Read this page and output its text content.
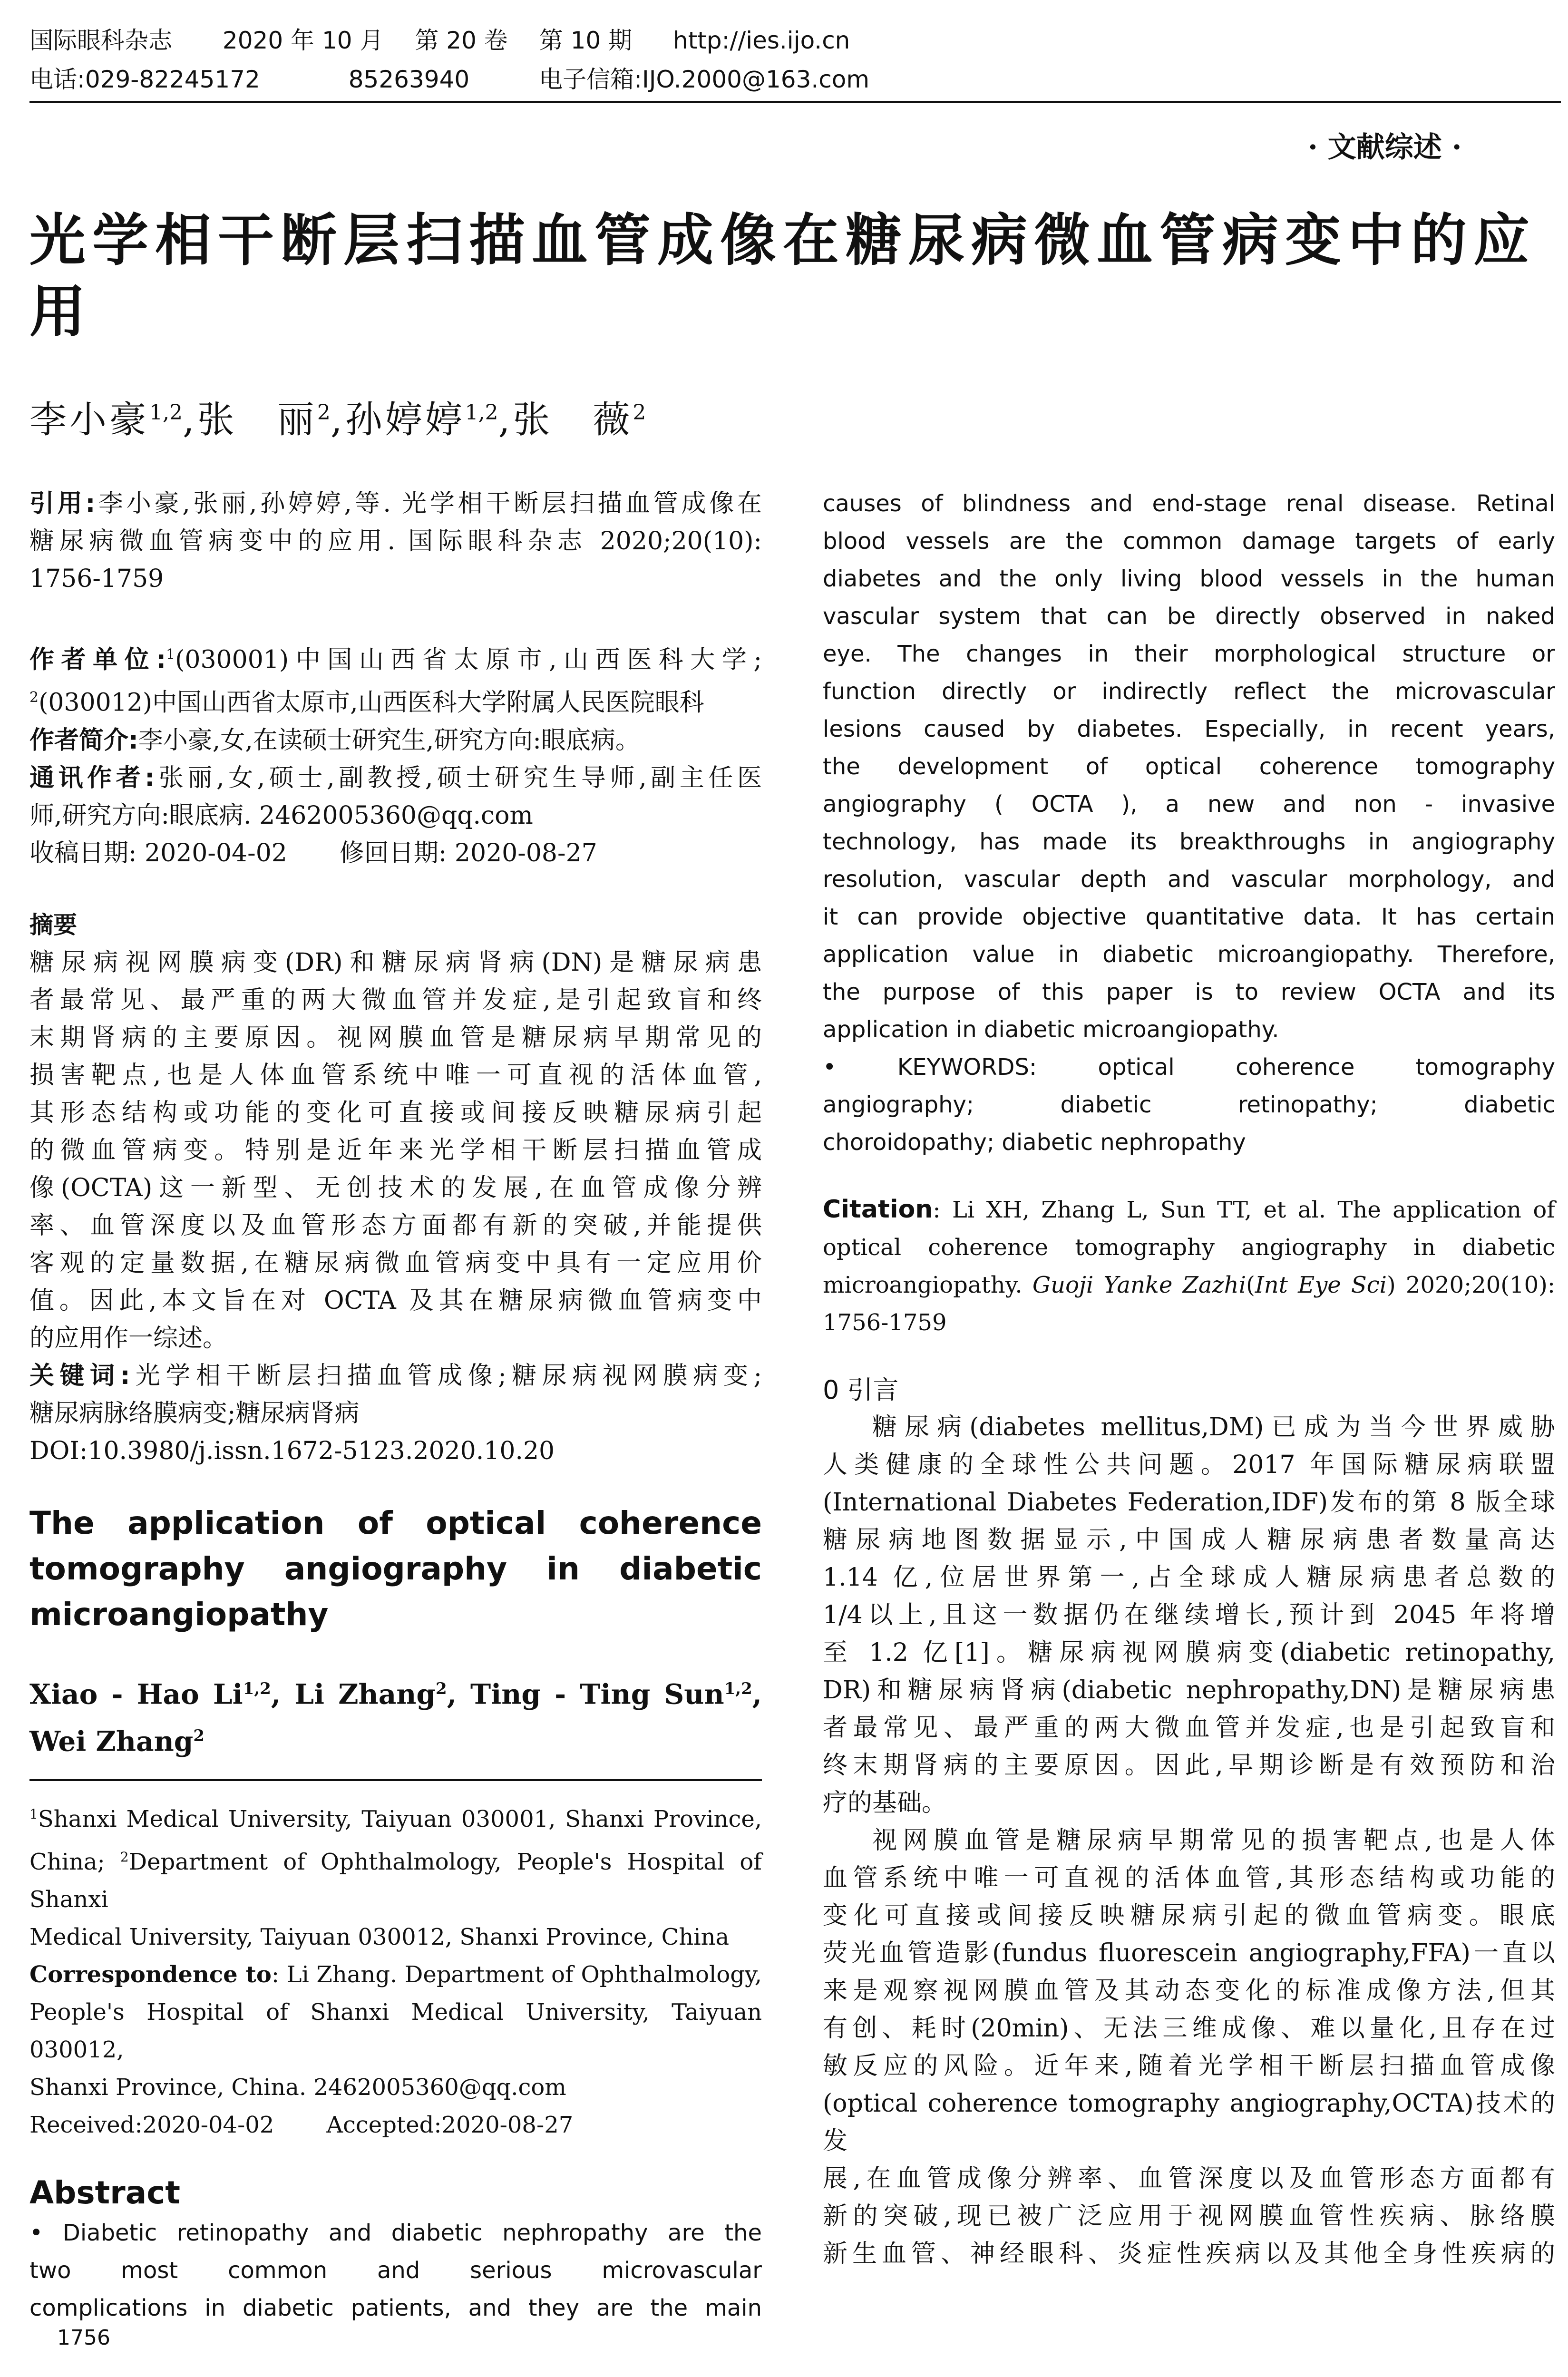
国际眼科杂志 2020 年 10 月 第 20 卷 第 10 期 http://ies.ijo.cn
电话:029-82245172	85263940	电子信箱:IJO.2000@163.com
· 文献综述 ·
光学相干断层扫描血管成像在糖尿病微血管病变中的应用
李小豪$^{1,2}$,张　丽$^2$,孙婷婷$^{1,2}$,张　薇$^2$
引用:李小豪,张丽,孙婷婷,等. 光学相干断层扫描血管成像在
糖尿病微血管病变中的应用. 国际眼科杂志 2020;20(10):
1756-1759
作者单位:$^1$(030001)中国山西省太原市,山西医科大学;
$^2$(030012)中国山西省太原市,山西医科大学附属人民医院眼科
作者简介:李小豪,女,在读硕士研究生,研究方向:眼底病。
通讯作者:张丽,女,硕士,副教授,硕士研究生导师,副主任医
师,研究方向:眼底病. 2462005360@qq.com
收稿日期: 2020-04-02 修回日期: 2020-08-27
摘要
糖尿病视网膜病变(DR)和糖尿病肾病(DN)是糖尿病患
者最常见、最严重的两大微血管并发症,是引起致盲和终
末期肾病的主要原因。视网膜血管是糖尿病早期常见的
损害靶点,也是人体血管系统中唯一可直视的活体血管,
其形态结构或功能的变化可直接或间接反映糖尿病引起
的微血管病变。特别是近年来光学相干断层扫描血管成
像(OCTA)这一新型、无创技术的发展,在血管成像分辨
率、血管深度以及血管形态方面都有新的突破,并能提供
客观的定量数据,在糖尿病微血管病变中具有一定应用价
值。因此,本文旨在对 OCTA 及其在糖尿病微血管病变中
的应用作一综述。
关键词:光学相干断层扫描血管成像;糖尿病视网膜病变;
糖尿病脉络膜病变;糖尿病肾病
DOI:10.3980/j.issn.1672-5123.2020.10.20
The application of optical coherence
tomography angiography in diabetic
microangiopathy
Xiao - Hao Li$^{1,2}$, Li Zhang$^2$, Ting - Ting Sun$^{1,2}$,
Wei Zhang$^2$
$^1$Shanxi Medical University, Taiyuan 030001, Shanxi Province,
China; $^2$Department of Ophthalmology, People's Hospital of Shanxi
Medical University, Taiyuan 030012, Shanxi Province, China
Correspondence to: Li Zhang. Department of Ophthalmology,
People's Hospital of Shanxi Medical University, Taiyuan 030012,
Shanxi Province, China. 2462005360@qq.com
Received:2020-04-02 Accepted:2020-08-27
Abstract
• Diabetic retinopathy and diabetic nephropathy are the
two most common and serious microvascular
complications in diabetic patients, and they are the main
causes of blindness and end-stage renal disease. Retinal
blood vessels are the common damage targets of early
diabetes and the only living blood vessels in the human
vascular system that can be directly observed in naked
eye. The changes in their morphological structure or
function directly or indirectly reflect the microvascular
lesions caused by diabetes. Especially, in recent years,
the development of optical coherence tomography
angiography ( OCTA ), a new and non - invasive
technology, has made its breakthroughs in angiography
resolution, vascular depth and vascular morphology, and
it can provide objective quantitative data. It has certain
application value in diabetic microangiopathy. Therefore,
the purpose of this paper is to review OCTA and its
application in diabetic microangiopathy.
• KEYWORDS:	optical coherence tomography
angiography; diabetic retinopathy; diabetic
choroidopathy; diabetic nephropathy
Citation: Li XH, Zhang L, Sun TT, et al. The application of
optical coherence tomography angiography in diabetic
microangiopathy. Guoji Yanke Zazhi(Int Eye Sci) 2020;20(10):
1756-1759
0 引言
糖尿病(diabetes mellitus,DM)已成为当今世界威胁
人类健康的全球性公共问题。2017 年国际糖尿病联盟
(International Diabetes Federation,IDF)发布的第 8 版全球
糖尿病地图数据显示,中国成人糖尿病患者数量高达
1.14 亿,位居世界第一,占全球成人糖尿病患者总数的
1/4以上,且这一数据仍在继续增长,预计到 2045 年将增
至 1.2 亿[1]。糖尿病视网膜病变(diabetic retinopathy,
DR)和糖尿病肾病(diabetic nephropathy,DN)是糖尿病患
者最常见、最严重的两大微血管并发症,也是引起致盲和
终末期肾病的主要原因。因此,早期诊断是有效预防和治
疗的基础。
视网膜血管是糖尿病早期常见的损害靶点,也是人体
血管系统中唯一可直视的活体血管,其形态结构或功能的
变化可直接或间接反映糖尿病引起的微血管病变。眼底
荧光血管造影(fundus fluorescein angiography,FFA)一直以
来是观察视网膜血管及其动态变化的标准成像方法,但其
有创、耗时(20min)、无法三维成像、难以量化,且存在过
敏反应的风险。近年来,随着光学相干断层扫描血管成像
(optical coherence tomography angiography,OCTA)技术的发
展,在血管成像分辨率、血管深度以及血管形态方面都有
新的突破,现已被广泛应用于视网膜血管性疾病、脉络膜
新生血管、神经眼科、炎症性疾病以及其他全身性疾病的
1756
